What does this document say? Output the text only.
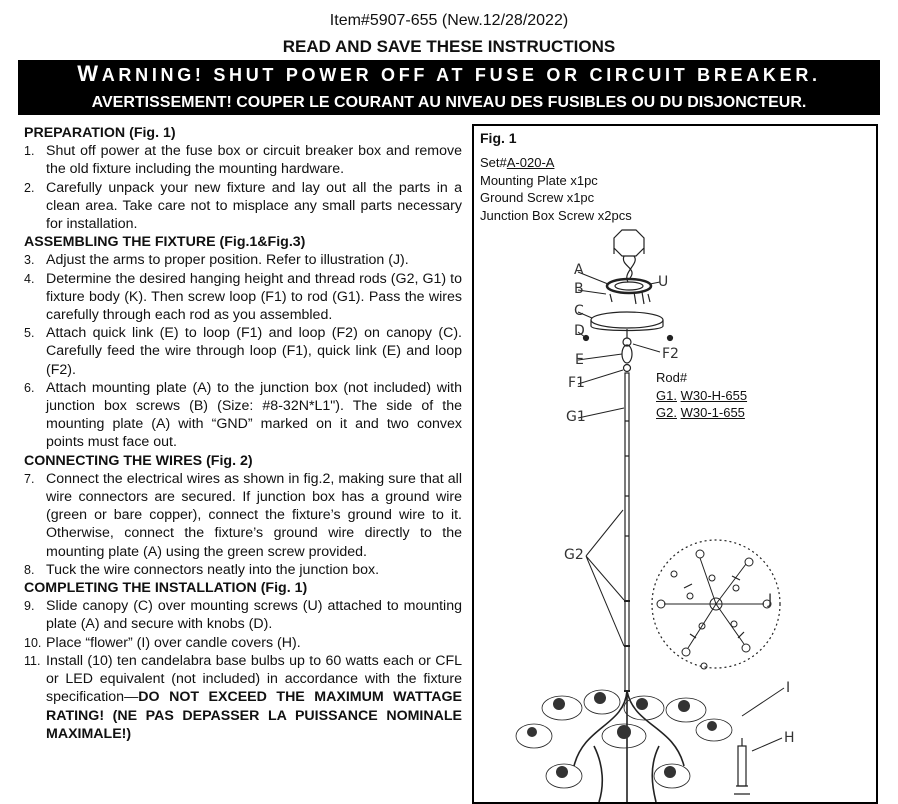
Item#5907-655 (New.12/28/2022)
READ AND SAVE THESE INSTRUCTIONS
WARNING! SHUT POWER OFF AT FUSE OR CIRCUIT BREAKER.
AVERTISSEMENT! COUPER LE COURANT AU NIVEAU DES FUSIBLES OU DU DISJONCTEUR.
PREPARATION (Fig. 1)
1. Shut off power at the fuse box or circuit breaker box and remove the old fixture including the mounting hardware.
2. Carefully unpack your new fixture and lay out all the parts in a clean area. Take care not to misplace any small parts necessary for installation.
ASSEMBLING THE FIXTURE (Fig.1&Fig.3)
3. Adjust the arms to proper position. Refer to illustration (J).
4. Determine the desired hanging height and thread rods (G2, G1) to fixture body (K). Then screw loop (F1) to rod (G1). Pass the wires carefully through each rod as you assembled.
5. Attach quick link (E) to loop (F1) and loop (F2) on canopy (C). Carefully feed the wire through loop (F1), quick link (E) and loop (F2).
6. Attach mounting plate (A) to the junction box (not included) with junction box screws (B) (Size: #8-32N*L1"). The side of the mounting plate (A) with “GND” marked on it and two convex points must face out.
CONNECTING THE WIRES (Fig. 2)
7. Connect the electrical wires as shown in fig.2, making sure that all wire connectors are secured. If junction box has a ground wire (green or bare copper), connect the fixture’s ground wire to it. Otherwise, connect the fixture’s ground wire directly to the mounting plate (A) using the green screw provided.
8. Tuck the wire connectors neatly into the junction box.
COMPLETING THE INSTALLATION (Fig. 1)
9. Slide canopy (C) over mounting screws (U) attached to mounting plate (A) and secure with knobs (D).
10. Place “flower” (I) over candle covers (H).
11. Install (10) ten candelabra base bulbs up to 60 watts each or CFL or LED equivalent (not included) in accordance with the fixture specification—DO NOT EXCEED THE MAXIMUM WATTAGE RATING! (NE PAS DEPASSER LA PUISSANCE NOMINALE MAXIMALE!)
Fig. 1
Set#A-020-A
Mounting Plate x1pc
Ground Screw x1pc
Junction Box Screw x2pcs
Rod#
G1. W30-H-655
G2. W30-1-655
A
B
C
D
E
U
F2
F1
G1
G2
I
H
J
